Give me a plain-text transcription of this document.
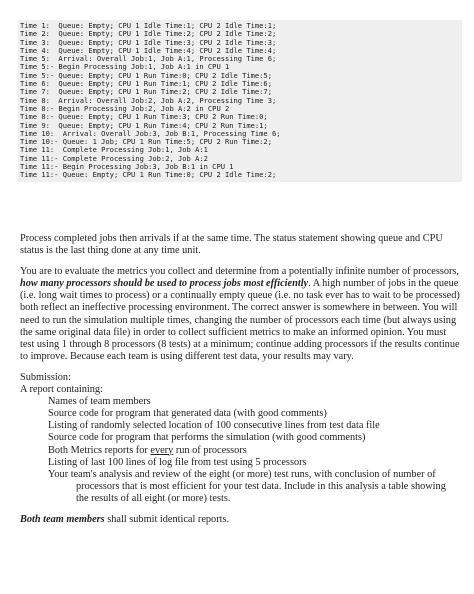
Time 1:  Queue: Empty; CPU 1 Idle Time:1; CPU 2 Idle Time:1;
Time 2:  Queue: Empty; CPU 1 Idle Time:2; CPU 2 Idle Time:2;
Time 3:  Queue: Empty; CPU 1 Idle Time:3; CPU 2 Idle Time:3;
Time 4:  Queue: Empty; CPU 1 Idle Time:4; CPU 2 Idle Time:4;
Time 5:  Arrival: Overall Job:1, Job A:1, Processing Time 6;
Time 5:- Begin Processing Job:1, Job A:1 in CPU 1
Time 5:- Queue: Empty; CPU 1 Run Time:0; CPU 2 Idle Time:5;
Time 6:  Queue: Empty; CPU 1 Run Time:1; CPU 2 Idle Time:6;
Time 7:  Queue: Empty; CPU 1 Run Time:2; CPU 2 Idle Time:7;
Time 8:  Arrival: Overall Job:2, Job A:2, Processing Time 3;
Time 8:- Begin Processing Job:2, Job A:2 in CPU 2
Time 8:- Queue: Empty; CPU 1 Run Time:3; CPU 2 Run Time:0;
Time 9:  Queue: Empty; CPU 1 Run Time:4; CPU 2 Run Time:1;
Time 10:  Arrival: Overall Job:3, Job B:1, Processing Time 6;
Time 10:- Queue: 1 Job; CPU 1 Run Time:5; CPU 2 Run Time:2;
Time 11:  Complete Processing Job:1, Job A:1
Time 11:- Complete Processing Job:2, Job A:2
Time 11:- Begin Processing Job:3, Job B:1 in CPU 1
Time 11:- Queue: Empty; CPU 1 Run Time:0; CPU 2 Idle Time:2;

Process completed jobs then arrivals if at the same time. The status statement showing queue and CPU status is the last thing done at any time unit.

You are to evaluate the metrics you collect and determine from a potentially infinite number of processors, how many processors should be used to process jobs most efficiently. A high number of jobs in the queue (i.e. long wait times to process) or a continually empty queue (i.e. no task ever has to wait to be processed) both reflect an ineffective processing environment. The correct answer is somewhere in between. You will need to run the simulation multiple times, changing the number of processors each time (but always using the same original data file) in order to collect sufficient metrics to make an informed opinion. You must test using 1 through 8 processors (8 tests) at a minimum; continue adding processors if the results continue to improve. Because each team is using different test data, your results may vary.

Submission:

A report containing:

Names of team members
Source code for program that generated data (with good comments)
Listing of randomly selected location of 100 consecutive lines from test data file
Source code for program that performs the simulation (with good comments)
Both Metrics reports for every run of processors
Listing of last 100 lines of log file from test using 5 processors
Your team's analysis and review of the eight (or more) test runs, with conclusion of number of processors that is most efficient for your test data. Include in this analysis a table showing the results of all eight (or more) tests.

Both team members shall submit identical reports.
